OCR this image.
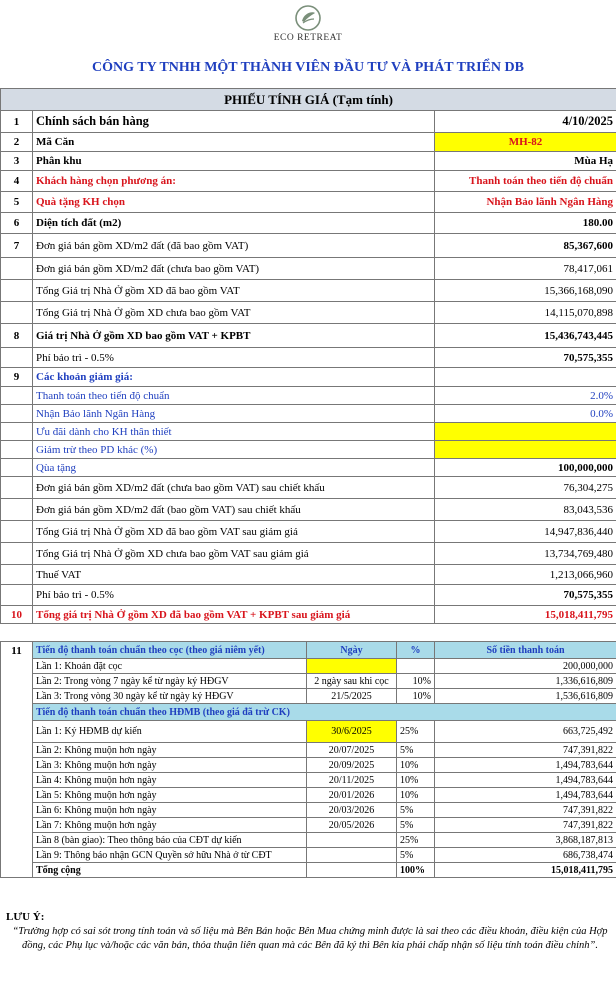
ECO RETREAT
CÔNG TY TNHH MỘT THÀNH VIÊN ĐẦU TƯ VÀ PHÁT TRIỂN DB
PHIẾU TÍNH GIÁ (Tạm tính)		
1	Chính sách bán hàng	4/10/2025
2	Mã Căn	MH-82
3	Phân khu	Mùa Hạ
4	Khách hàng chọn phương án:	Thanh toán theo tiến độ chuẩn
5	Quà tặng KH chọn	Nhận Bảo lãnh Ngân Hàng
6	Diện tích đất (m2)	180.00
7	Đơn giá bán gồm XD/m2 đất (đã bao gồm VAT)	85,367,600
	Đơn giá bán gồm XD/m2 đất (chưa bao gồm VAT)	78,417,061
	Tổng Giá trị Nhà Ở gồm XD đã bao gồm VAT	15,366,168,090
	Tổng Giá trị Nhà Ở gồm XD chưa bao gồm VAT	14,115,070,898
8	Giá trị Nhà Ở gồm XD bao gồm VAT + KPBT	15,436,743,445
	Phí bảo trì - 0.5%	70,575,355
9	Các khoản giảm giá:	
	Thanh toán theo tiến độ chuẩn	2.0%
	Nhận Bảo lãnh Ngân Hàng	0.0%
	Ưu đãi dành cho KH thân thiết	
	Giảm trừ theo PD khác (%)	
	Qùa tặng	100,000,000
	Đơn giá bán gồm XD/m2 đất (chưa bao gồm VAT) sau chiết khấu	76,304,275
	Đơn giá bán gồm XD/m2 đất (bao gồm VAT) sau chiết khấu	83,043,536
	Tổng Giá trị Nhà Ở gồm XD đã bao gồm VAT sau giảm giá	14,947,836,440
	Tổng Giá trị Nhà Ở gồm XD chưa bao gồm VAT sau giảm giá	13,734,769,480
	Thuế VAT	1,213,066,960
	Phí bảo trì - 0.5%	70,575,355
10	Tổng giá trị Nhà Ở gồm XD đã bao gồm VAT + KPBT sau giảm giá	15,018,411,795
11	Tiến độ thanh toán chuẩn theo cọc (theo giá niêm yết)	Ngày	%	Số tiền thanh toán
	Lần 1: Khoản đặt cọc			200,000,000
	Lần 2: Trong vòng 7 ngày kể từ ngày ký HĐGV	2 ngày sau khi cọc	10%	1,336,616,809
	Lần 3: Trong vòng 30 ngày kể từ ngày ký HĐGV	21/5/2025	10%	1,536,616,809
	Tiến độ thanh toán chuẩn theo HĐMB (theo giá đã trừ CK)			
	Lần 1: Ký HĐMB dự kiến	30/6/2025	25%	663,725,492
	Lần 2: Không muộn hơn ngày	20/07/2025	5%	747,391,822
	Lần 3: Không muộn hơn ngày	20/09/2025	10%	1,494,783,644
	Lần 4: Không muộn hơn ngày	20/11/2025	10%	1,494,783,644
	Lần 5: Không muộn hơn ngày	20/01/2026	10%	1,494,783,644
	Lần 6: Không muộn hơn ngày	20/03/2026	5%	747,391,822
	Lần 7: Không muộn hơn ngày	20/05/2026	5%	747,391,822
	Lần 8 (bàn giao): Theo thông báo của CĐT dự kiến		25%	3,868,187,813
	Lần 9: Thông báo nhận GCN Quyền sở hữu Nhà ở từ CĐT		5%	686,738,474
	Tổng cộng		100%	15,018,411,795
LƯU Ý:
“Trường hợp có sai sót trong tính toán và số liệu mà Bên Bán hoặc Bên Mua chứng minh được là sai theo các điều khoản, điều kiện của Hợp đồng, các Phụ lục và/hoặc các văn bản, thỏa thuận liên quan mà các Bên đã ký thì Bên kia phải chấp nhận số liệu tính toán điều chỉnh”.
